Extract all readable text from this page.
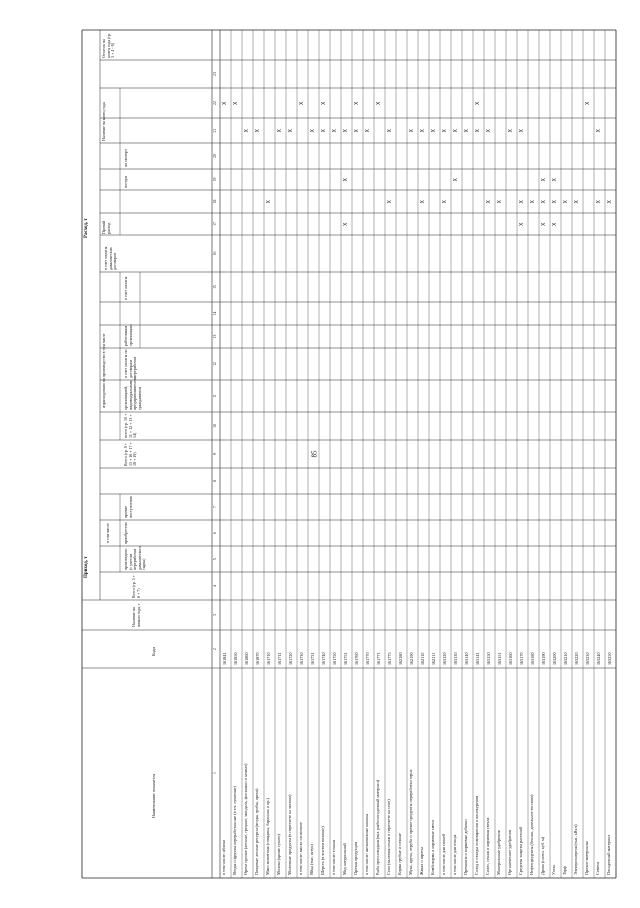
85
Приход, т
Расход, т
Наименование показателя
Коды
Наличие на начало года, т
Всего (гр. 5 + 6 + 7)
в том числе
произведено (с учетом переработки давальческого сырья)
приобретено
прочие поступления
Всего (гр. 9 + 15 + 16 + 17 + 18 + 19)
всего (гр. 10 + 11 + 12 + 13 + 14)
израсходовано на производство в том числе	организацией, индивидуальным предпринимателем, гражданином
в счет оплаты по договорам переработки
работникам организации
в счет оплаты
в счет оплаты давальческих договоров
Прочий расход
потери
на экспорт
Наличие на конец года
Остаток на конец года (гр. 3 + 4 - 8)
1
2
3
4
5
6
7
8
9
10
11
12
13
14
15
16
17
18
19
20
21
22
23
в том числе: яблоки
161841
Ягоды и фрукты переработанные (в т.ч. сушеные)
161850
Орехи прочие (лесные, грецкие, миндаль, фисташки и кешью)
161860
Пищевые лесные ресурсы (ягоды, грибы, орехи)
161870
Мясо животных (говядина, баранина и пр.)
161710
Молоко (кроме сухого)
161711
Молочные продукты (в пересчете на молоко)
161720
в том числе: масло сливочное
161730
Яйца (тыс. штук)
161731
Шерсть (в чистом волокне)
161740
в том числе: тонкая
161750
Мед натуральный
161751
Прочая продукция
161760
в том числе: шелковичные коконы
161770
Рыба пресноводная (вкл. рыбопосадочный материал)
161771
Сено (включая сенаж в пересчете на сено)
161775
Корма грубые и сочные
162180
Мука, крупа, отруби и прочие продукты переработки зерна
162190
Жмых и шроты
162110
Комбикорма и кормовые смеси
162111
в том числе для свиней
163120
в том числе для птицы
163130
Премиксы и кормовые добавки
163140
Солод и отходы пивоварения и винокурения
163141
Силос, сенаж и кормовая свекла
163150
Минеральные удобрения
163151
Органические удобрения
163160
Средства защиты растений
163170
Нефтепродукты (бензин, дизельное топливо)
163180
Дрова (плотн. куб. м)
163190
Уголь
163200
Торф
163210
Электроэнергия (тыс. кВт.ч)
163220
Прочие материалы
163230
Семена
163240
Посадочный материал
163250
X X
X X
X
X X
X
X X
X
X
X
X
X X
X
X
X
X
X	X
X
X X
X
X
X
X X X
X
X
X
X
X
X
X
X
X
X
X
X
X
X
X
X X
X
X
X
X
